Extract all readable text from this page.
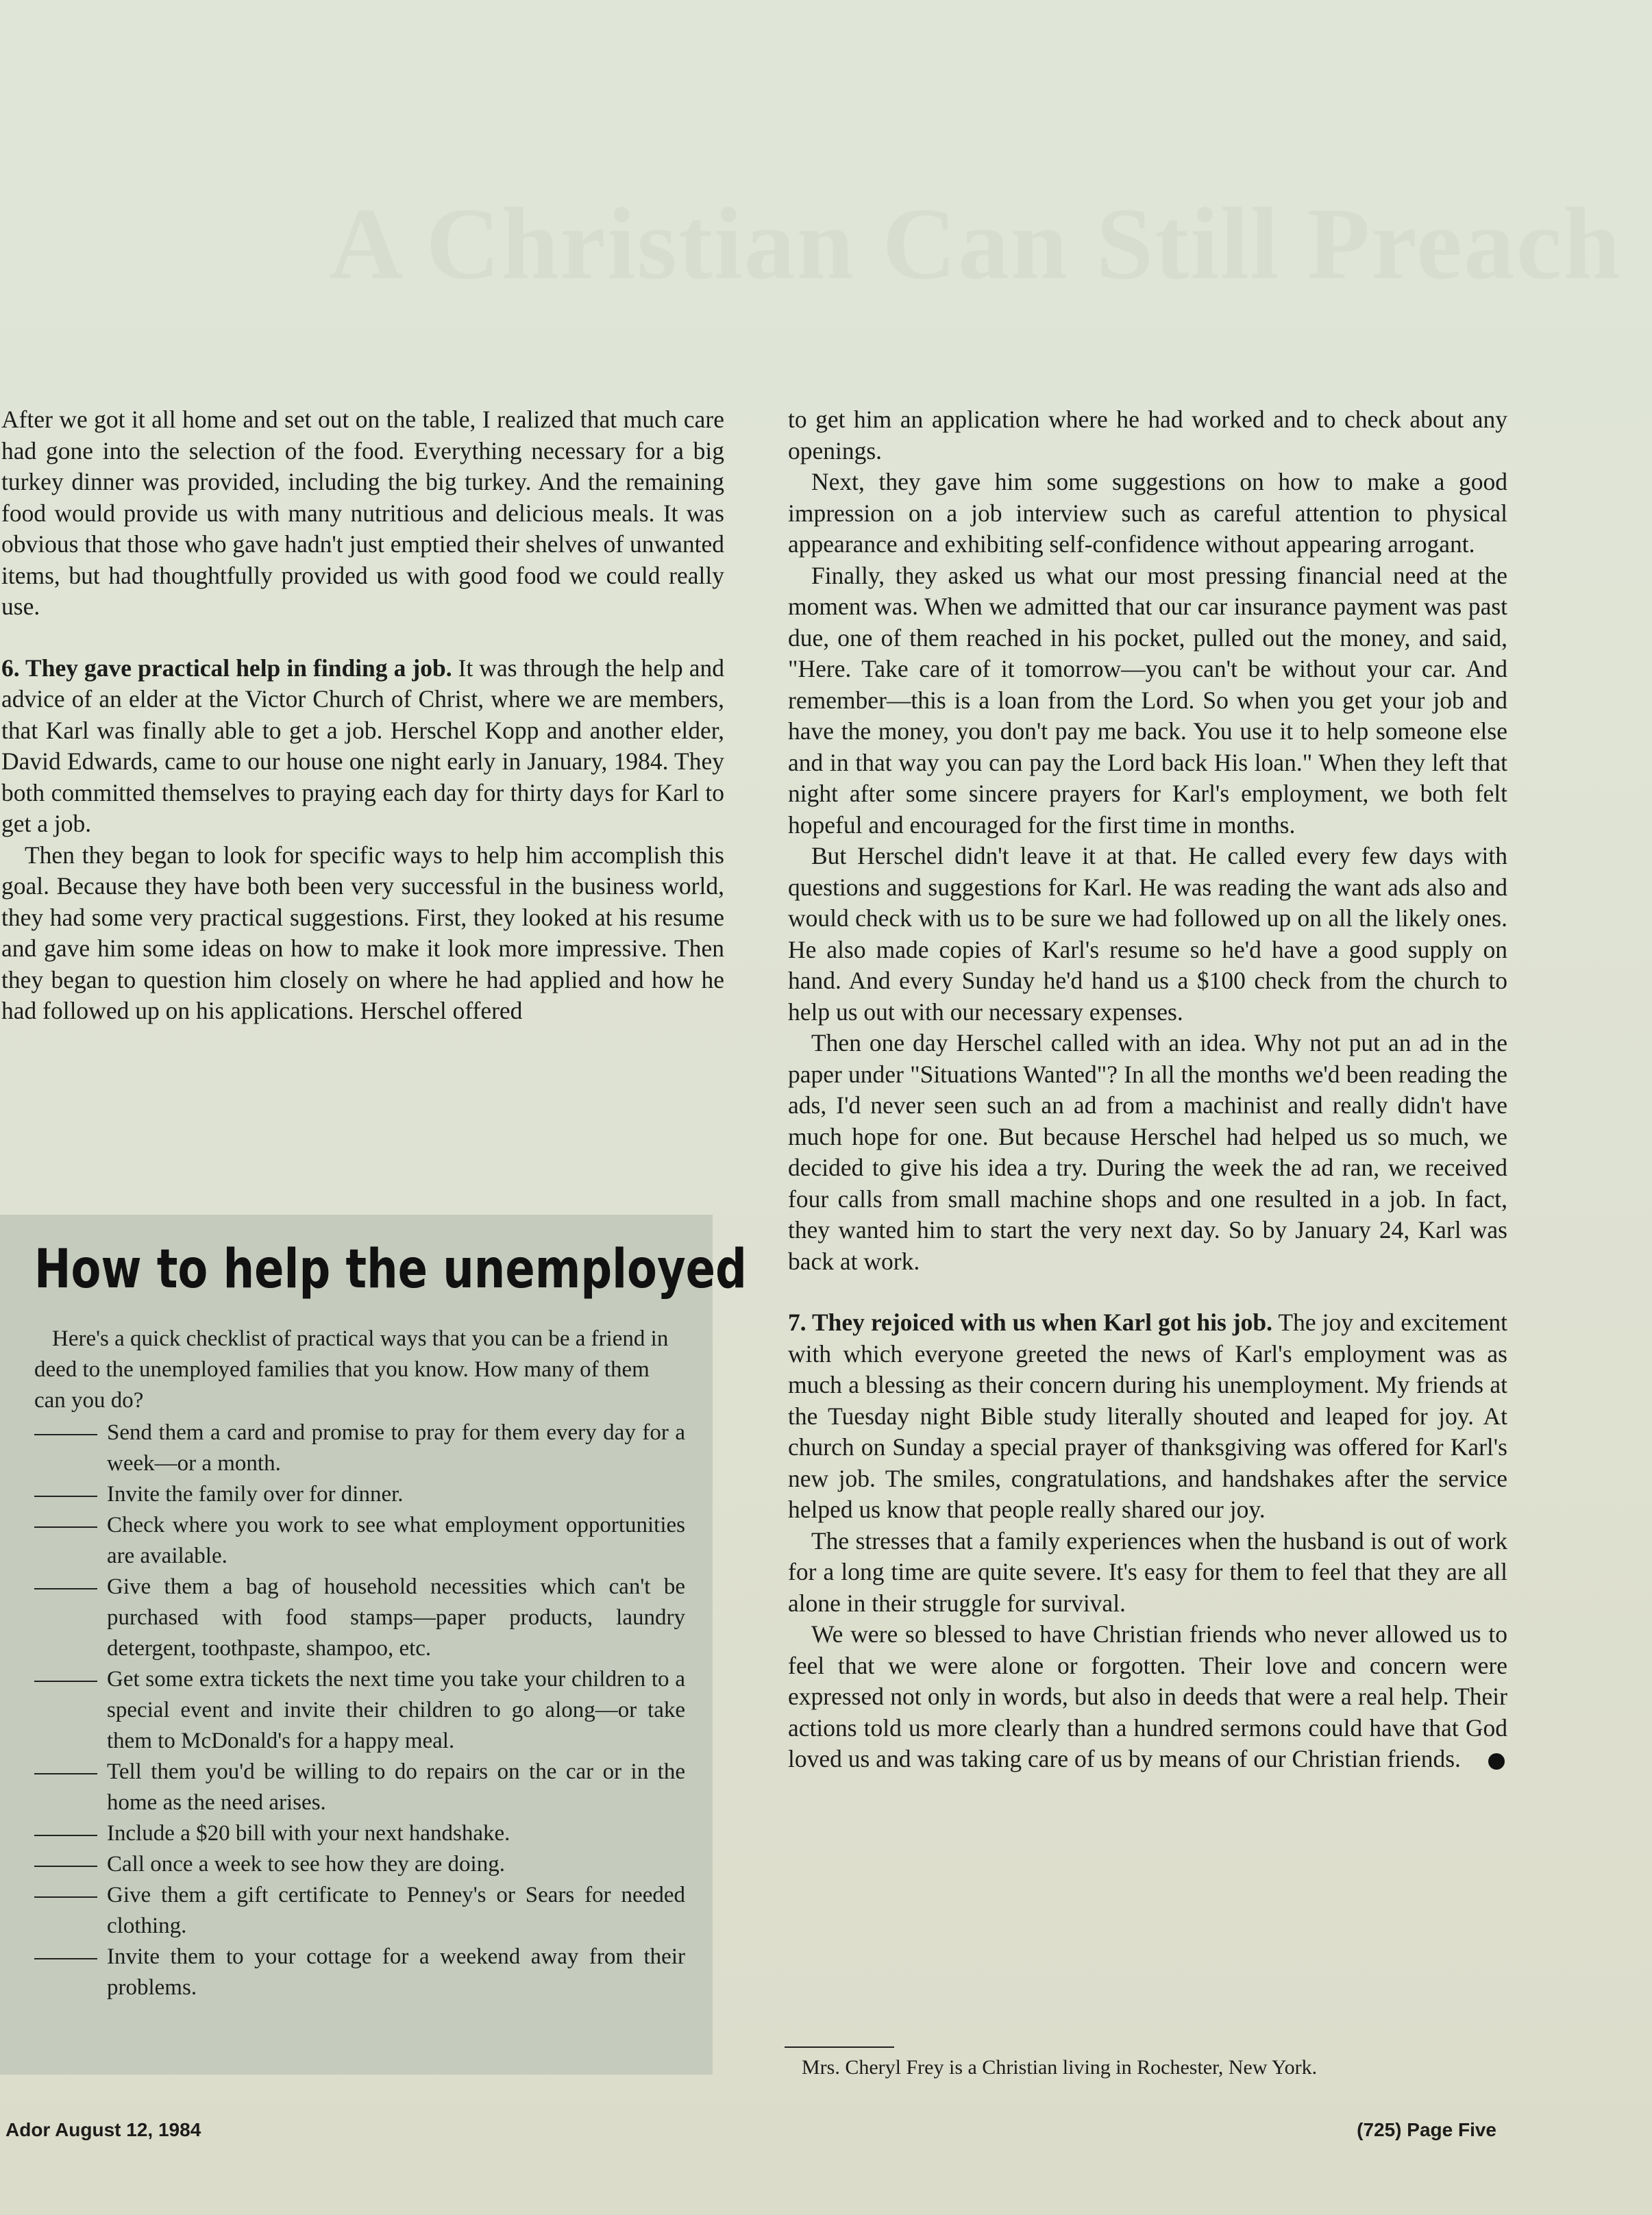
A Christian Can Still Preach

After we got it all home and set out on the table, I realized that much care had gone into the selection of the food. Everything necessary for a big turkey dinner was provided, including the big turkey. And the remaining food would provide us with many nutritious and delicious meals. It was obvious that those who gave hadn't just emptied their shelves of unwanted items, but had thoughtfully provided us with good food we could really use.

6. They gave practical help in finding a job. It was through the help and advice of an elder at the Victor Church of Christ, where we are members, that Karl was finally able to get a job. Herschel Kopp and another elder, David Edwards, came to our house one night early in January, 1984. They both committed themselves to praying each day for thirty days for Karl to get a job.

Then they began to look for specific ways to help him accomplish this goal. Because they have both been very successful in the business world, they had some very practical suggestions. First, they looked at his resume and gave him some ideas on how to make it look more impressive. Then they began to question him closely on where he had applied and how he had followed up on his applications. Herschel offered

How to help the unemployed

Here's a quick checklist of practical ways that you can be a friend in deed to the unemployed families that you know. How many of them can you do?

Send them a card and promise to pray for them every day for a week—or a month.
Invite the family over for dinner.
Check where you work to see what employment opportunities are available.
Give them a bag of household necessities which can't be purchased with food stamps—paper products, laundry detergent, toothpaste, shampoo, etc.
Get some extra tickets the next time you take your children to a special event and invite their children to go along—or take them to McDonald's for a happy meal.
Tell them you'd be willing to do repairs on the car or in the home as the need arises.
Include a $20 bill with your next handshake.
Call once a week to see how they are doing.
Give them a gift certificate to Penney's or Sears for needed clothing.
Invite them to your cottage for a weekend away from their problems.

to get him an application where he had worked and to check about any openings.

Next, they gave him some suggestions on how to make a good impression on a job interview such as careful attention to physical appearance and exhibiting self-confidence without appearing arrogant.

Finally, they asked us what our most pressing financial need at the moment was. When we admitted that our car insurance payment was past due, one of them reached in his pocket, pulled out the money, and said, "Here. Take care of it tomorrow—you can't be without your car. And remember—this is a loan from the Lord. So when you get your job and have the money, you don't pay me back. You use it to help someone else and in that way you can pay the Lord back His loan." When they left that night after some sincere prayers for Karl's employment, we both felt hopeful and encouraged for the first time in months.

But Herschel didn't leave it at that. He called every few days with questions and suggestions for Karl. He was reading the want ads also and would check with us to be sure we had followed up on all the likely ones. He also made copies of Karl's resume so he'd have a good supply on hand. And every Sunday he'd hand us a $100 check from the church to help us out with our necessary expenses.

Then one day Herschel called with an idea. Why not put an ad in the paper under "Situations Wanted"? In all the months we'd been reading the ads, I'd never seen such an ad from a machinist and really didn't have much hope for one. But because Herschel had helped us so much, we decided to give his idea a try. During the week the ad ran, we received four calls from small machine shops and one resulted in a job. In fact, they wanted him to start the very next day. So by January 24, Karl was back at work.

7. They rejoiced with us when Karl got his job. The joy and excitement with which everyone greeted the news of Karl's employment was as much a blessing as their concern during his unemployment. My friends at the Tuesday night Bible study literally shouted and leaped for joy. At church on Sunday a special prayer of thanksgiving was offered for Karl's new job. The smiles, congratulations, and handshakes after the service helped us know that people really shared our joy.

The stresses that a family experiences when the husband is out of work for a long time are quite severe. It's easy for them to feel that they are all alone in their struggle for survival.

We were so blessed to have Christian friends who never allowed us to feel that we were alone or forgotten. Their love and concern were expressed not only in words, but also in deeds that were a real help. Their actions told us more clearly than a hundred sermons could have that God loved us and was taking care of us by means of our Christian friends.

Mrs. Cheryl Frey is a Christian living in Rochester, New York.
Ador August 12, 1984	(725) Page Five
